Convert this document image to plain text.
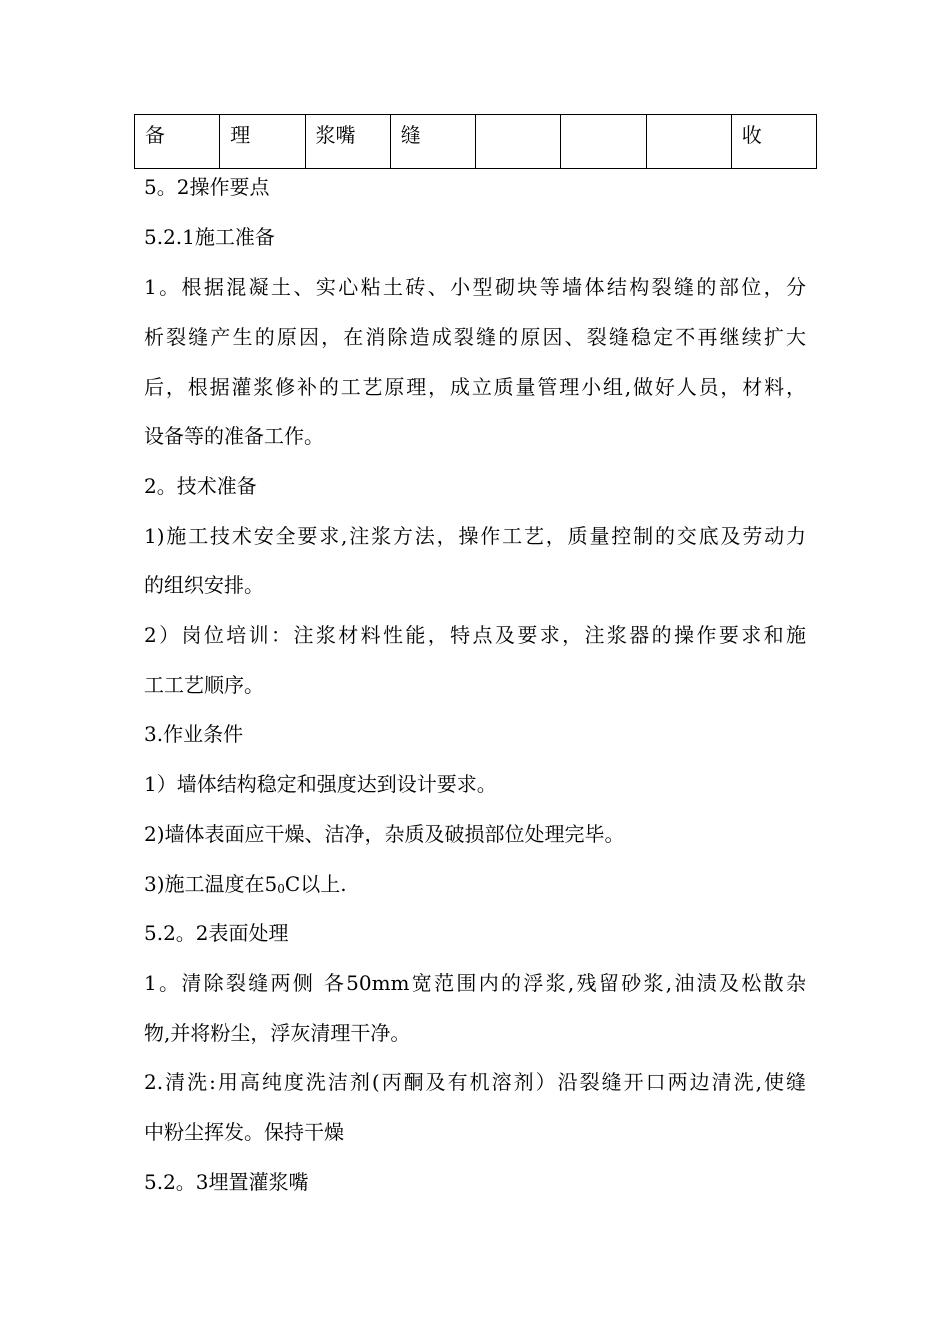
备	理	浆嘴	缝				收
5。2操作要点
5.2.1施工准备
1。根据混凝土、实心粘土砖、小型砌块等墙体结构裂缝的部位，分
析裂缝产生的原因，在消除造成裂缝的原因、裂缝稳定不再继续扩大
后，根据灌浆修补的工艺原理，成立质量管理小组,做好人员，材料，
设备等的准备工作。
2。技术准备
1)施工技术安全要求,注浆方法，操作工艺，质量控制的交底及劳动力
的组织安排。
2）岗位培训：注浆材料性能，特点及要求，注浆器的操作要求和施
工工艺顺序。
3.作业条件
1）墙体结构稳定和强度达到设计要求。
2)墙体表面应干燥、洁净，杂质及破损部位处理完毕。
3)施工温度在$5_0C$以上.
5.2。2表面处理
1。清除裂缝两侧 各50mm宽范围内的浮浆,残留砂浆,油渍及松散杂
物,并将粉尘，浮灰清理干净。
2.清洗:用高纯度洗洁剂(丙酮及有机溶剂）沿裂缝开口两边清洗,使缝
中粉尘挥发。保持干燥
5.2。3埋置灌浆嘴
